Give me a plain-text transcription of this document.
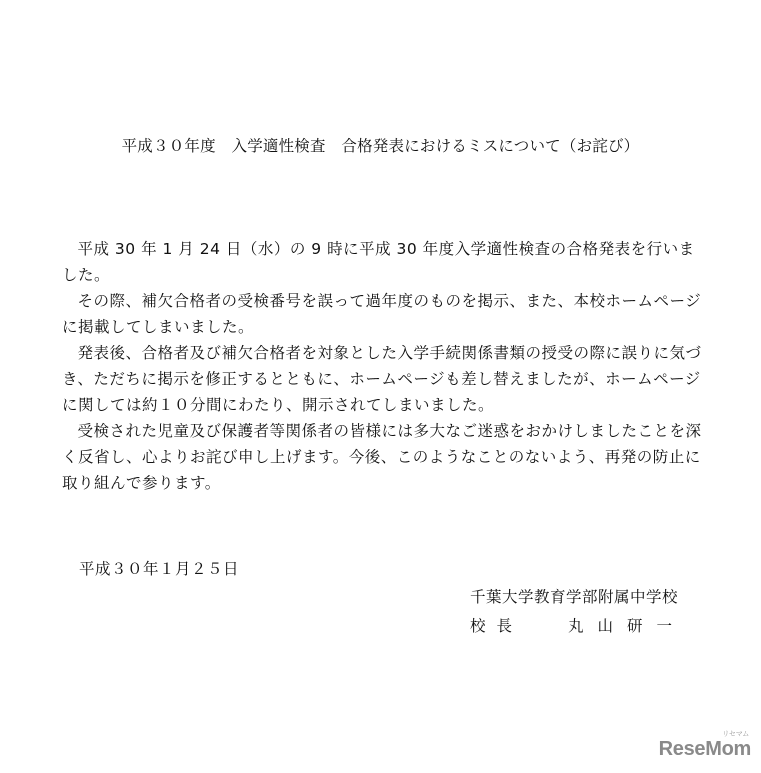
平成３０年度　入学適性検査　合格発表におけるミスについて（お詫び）

平成 30 年 1 月 24 日（水）の 9 時に平成 30 年度入学適性検査の合格発表を行いました。

その際、補欠合格者の受検番号を誤って過年度のものを掲示、また、本校ホームページに掲載してしまいました。

発表後、合格者及び補欠合格者を対象とした入学手続関係書類の授受の際に誤りに気づき、ただちに掲示を修正するとともに、ホームページも差し替えましたが、ホームページに関しては約１０分間にわたり、開示されてしまいました。

受検された児童及び保護者等関係者の皆様には多大なご迷惑をおかけしましたことを深く反省し、心よりお詫び申し上げます。今後、このようなことのないよう、再発の防止に取り組んで参ります。

平成３０年１月２５日
千葉大学教育学部附属中学校
校長	丸山研一
ReseMom
リセマム
